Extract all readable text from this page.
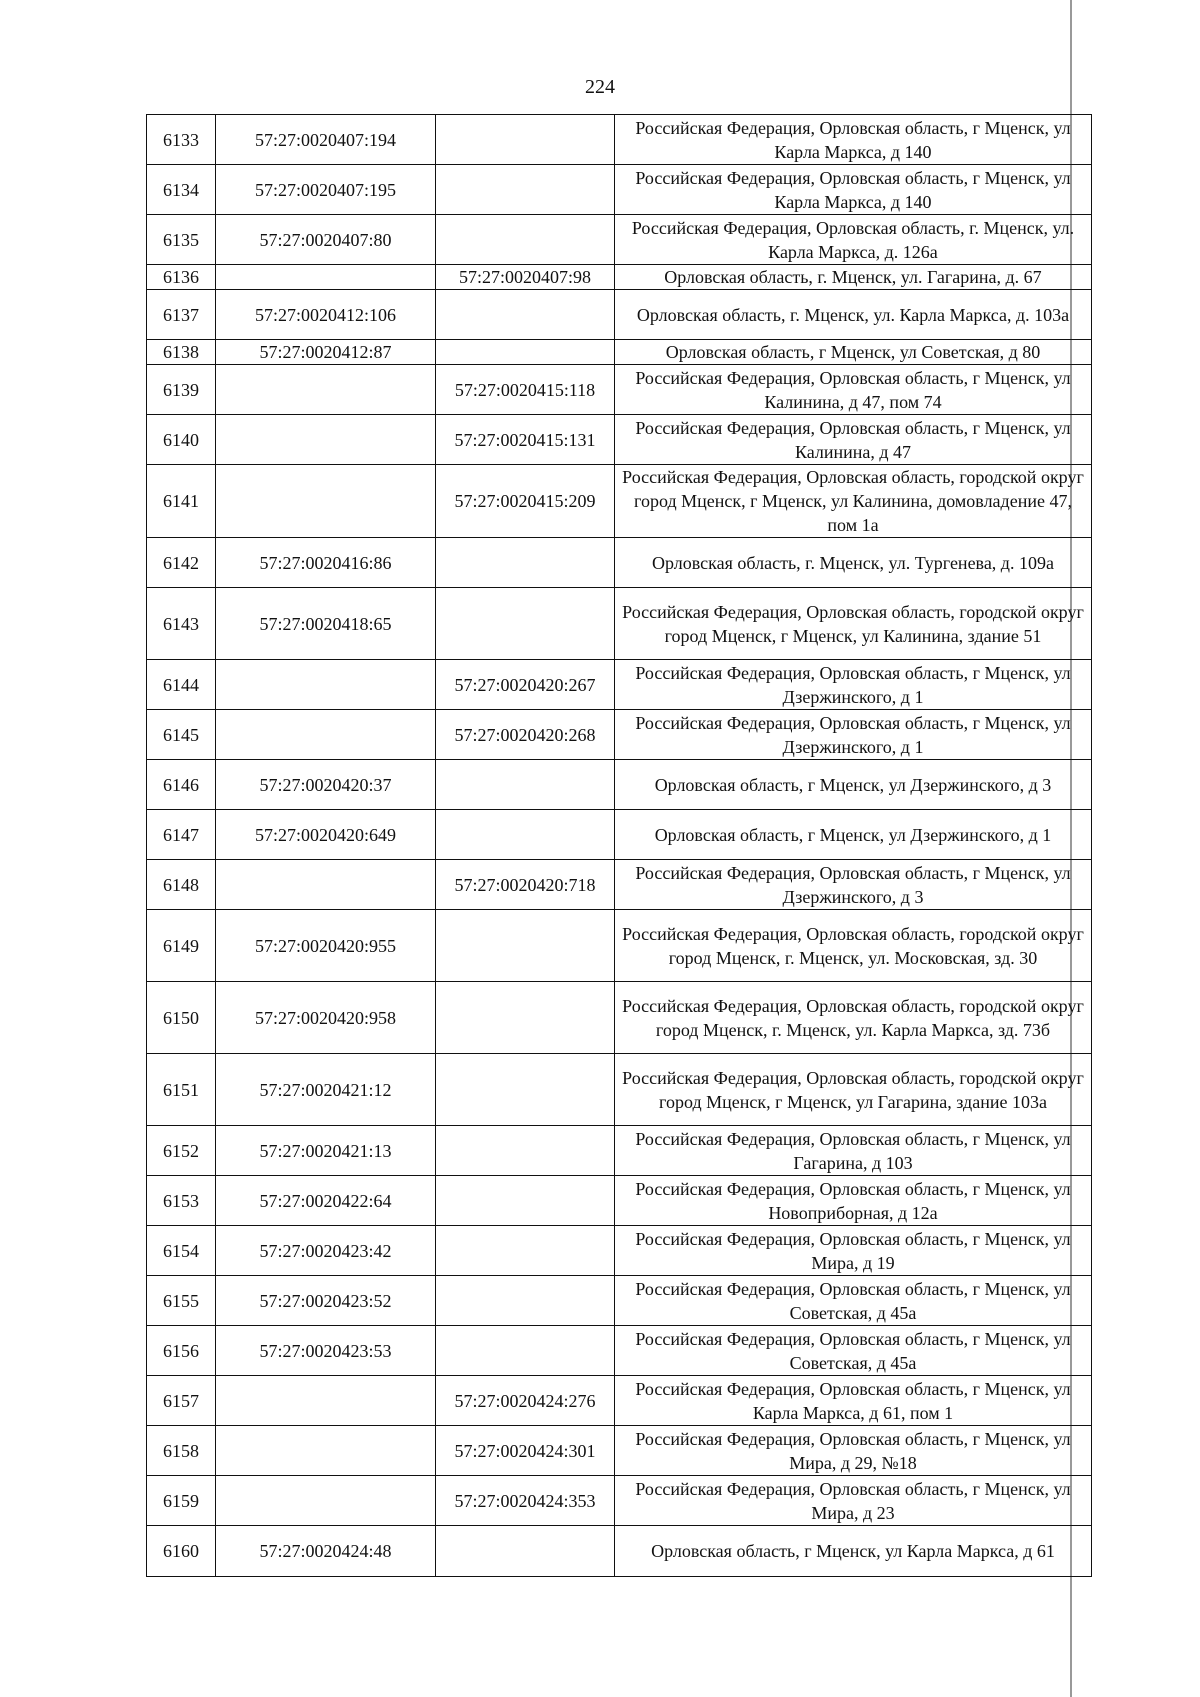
224
6133	57:27:0020407:194		Российская Федерация, Орловская область, г Мценск, ул Карла Маркса, д 140
6134	57:27:0020407:195		Российская Федерация, Орловская область, г Мценск, ул Карла Маркса, д 140
6135	57:27:0020407:80		Российская Федерация, Орловская область, г. Мценск, ул. Карла Маркса, д. 126а
6136		57:27:0020407:98	Орловская область, г. Мценск, ул. Гагарина, д. 67
6137	57:27:0020412:106		Орловская область, г. Мценск, ул. Карла Маркса, д. 103а
6138	57:27:0020412:87		Орловская область, г Мценск, ул Советская, д 80
6139		57:27:0020415:118	Российская Федерация, Орловская область, г Мценск, ул Калинина, д 47, пом 74
6140		57:27:0020415:131	Российская Федерация, Орловская область, г Мценск, ул Калинина, д 47
6141		57:27:0020415:209	Российская Федерация, Орловская область, городской округ город Мценск, г Мценск, ул Калинина, домовладение 47, пом 1а
6142	57:27:0020416:86		Орловская область, г. Мценск, ул. Тургенева, д. 109а
6143	57:27:0020418:65		Российская Федерация, Орловская область, городской округ город Мценск, г Мценск, ул Калинина, здание 51
6144		57:27:0020420:267	Российская Федерация, Орловская область, г Мценск, ул Дзержинского, д 1
6145		57:27:0020420:268	Российская Федерация, Орловская область, г Мценск, ул Дзержинского, д 1
6146	57:27:0020420:37		Орловская область, г Мценск, ул Дзержинского, д 3
6147	57:27:0020420:649		Орловская область, г Мценск, ул Дзержинского, д 1
6148		57:27:0020420:718	Российская Федерация, Орловская область, г Мценск, ул Дзержинского, д 3
6149	57:27:0020420:955		Российская Федерация, Орловская область, городской округ город Мценск, г. Мценск, ул. Московская, зд. 30
6150	57:27:0020420:958		Российская Федерация, Орловская область, городской округ город Мценск, г. Мценск, ул. Карла Маркса, зд. 73б
6151	57:27:0020421:12		Российская Федерация, Орловская область, городской округ город Мценск, г Мценск, ул Гагарина, здание 103а
6152	57:27:0020421:13		Российская Федерация, Орловская область, г Мценск, ул Гагарина, д 103
6153	57:27:0020422:64		Российская Федерация, Орловская область, г Мценск, ул Новоприборная, д 12а
6154	57:27:0020423:42		Российская Федерация, Орловская область, г Мценск, ул Мира, д 19
6155	57:27:0020423:52		Российская Федерация, Орловская область, г Мценск, ул Советская, д 45а
6156	57:27:0020423:53		Российская Федерация, Орловская область, г Мценск, ул Советская, д 45а
6157		57:27:0020424:276	Российская Федерация, Орловская область, г Мценск, ул Карла Маркса, д 61, пом 1
6158		57:27:0020424:301	Российская Федерация, Орловская область, г Мценск, ул Мира, д 29, №18
6159		57:27:0020424:353	Российская Федерация, Орловская область, г Мценск, ул Мира, д 23
6160	57:27:0020424:48		Орловская область, г Мценск, ул Карла Маркса, д 61
